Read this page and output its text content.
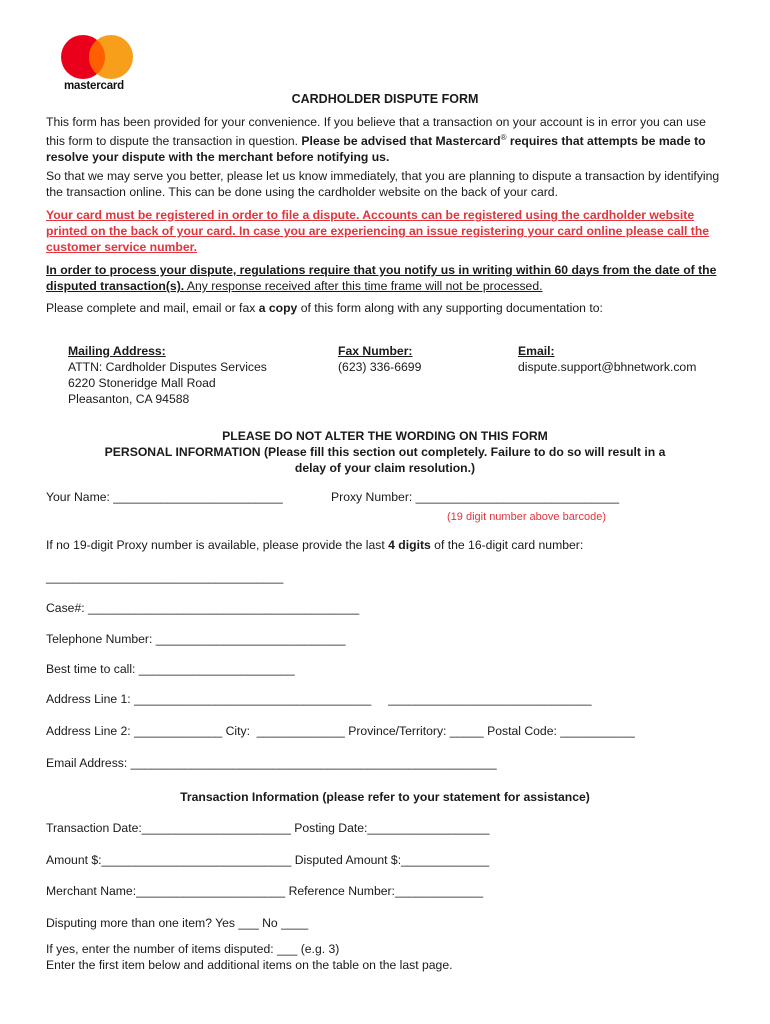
mastercard
CARDHOLDER DISPUTE FORM
This form has been provided for your convenience. If you believe that a transaction on your account is in error you can use this form to dispute the transaction in question. Please be advised that Mastercard® requires that attempts be made to resolve your dispute with the merchant before notifying us.
So that we may serve you better, please let us know immediately, that you are planning to dispute a transaction by identifying the transaction online. This can be done using the cardholder website on the back of your card.
Your card must be registered in order to file a dispute. Accounts can be registered using the cardholder website printed on the back of your card. In case you are experiencing an issue registering your card online please call the customer service number.
In order to process your dispute, regulations require that you notify us in writing within 60 days from the date of the disputed transaction(s). Any response received after this time frame will not be processed.
Please complete and mail, email or fax a copy of this form along with any supporting documentation to:
Mailing Address:
ATTN: Cardholder Disputes Services
6220 Stoneridge Mall Road
Pleasanton, CA 94588
Fax Number:
(623) 336-6699
Email:
dispute.support@bhnetwork.com
PLEASE DO NOT ALTER THE WORDING ON THIS FORM
PERSONAL INFORMATION (Please fill this section out completely. Failure to do so will result in a
delay of your claim resolution.)
Your Name: _________________________	Proxy Number: ______________________________
(19 digit number above barcode)
If no 19-digit Proxy number is available, please provide the last 4 digits of the 16-digit card number:
___________________________________
Case#: ________________________________________
Telephone Number: ____________________________
Best time to call: _______________________
Address Line 1: ___________________________________     ______________________________
Address Line 2: _____________ City:  _____________ Province/Territory: _____ Postal Code: ___________
Email Address: ______________________________________________________
Transaction Information (please refer to your statement for assistance)
Transaction Date:______________________ Posting Date:__________________
Amount $:____________________________ Disputed Amount $:_____________
Merchant Name:______________________ Reference Number:_____________
Disputing more than one item? Yes ___ No ____
If yes, enter the number of items disputed: ___ (e.g. 3)
Enter the first item below and additional items on the table on the last page.
